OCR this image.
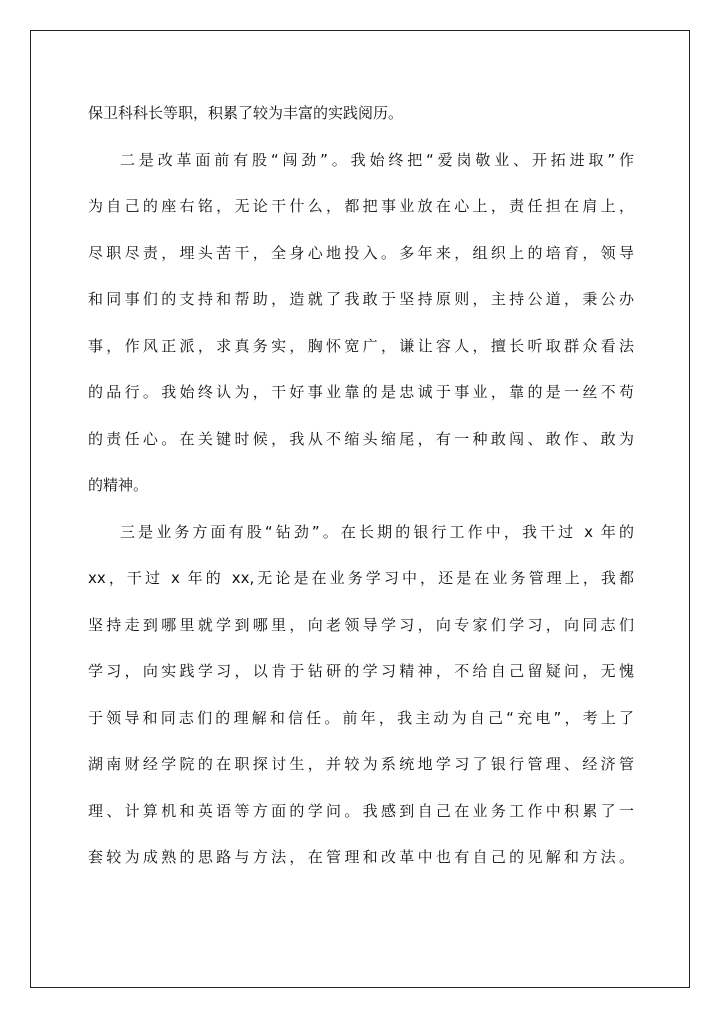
保卫科科长等职，积累了较为丰富的实践阅历。
二是改革面前有股“闯劲”。我始终把“爱岗敬业、开拓进取”作
为自己的座右铭，无论干什么，都把事业放在心上，责任担在肩上，
尽职尽责，埋头苦干，全身心地投入。多年来，组织上的培育，领导
和同事们的支持和帮助，造就了我敢于坚持原则，主持公道，秉公办
事，作风正派，求真务实，胸怀宽广，谦让容人，擅长听取群众看法
的品行。我始终认为，干好事业靠的是忠诚于事业，靠的是一丝不苟
的责任心。在关键时候，我从不缩头缩尾，有一种敢闯、敢作、敢为
的精神。
三是业务方面有股“钻劲”。在长期的银行工作中，我干过 x 年的
xx，干过 x 年的 xx,无论是在业务学习中，还是在业务管理上，我都
坚持走到哪里就学到哪里，向老领导学习，向专家们学习，向同志们
学习，向实践学习，以肯于钻研的学习精神，不给自己留疑问，无愧
于领导和同志们的理解和信任。前年，我主动为自己“充电”，考上了
湖南财经学院的在职探讨生，并较为系统地学习了银行管理、经济管
理、计算机和英语等方面的学问。我感到自己在业务工作中积累了一
套较为成熟的思路与方法，在管理和改革中也有自己的见解和方法。
